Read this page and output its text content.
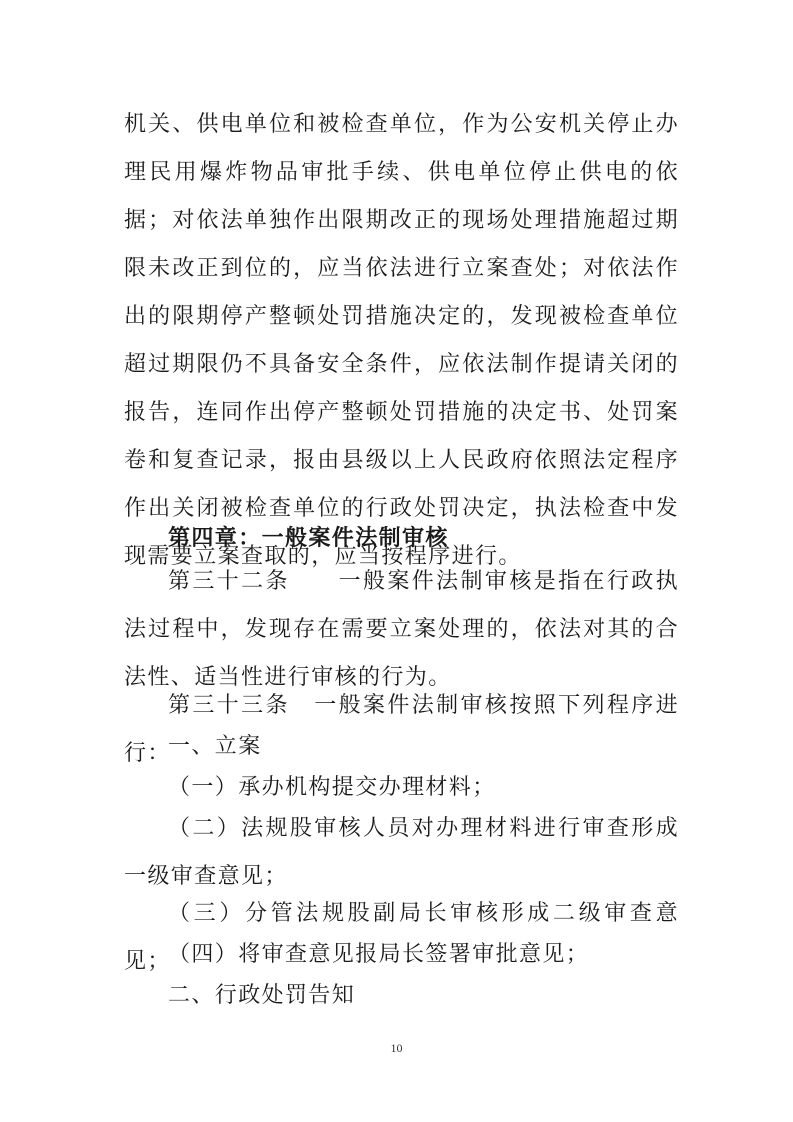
机关、供电单位和被检查单位，作为公安机关停止办理民用爆炸物品审批手续、供电单位停止供电的依据；对依法单独作出限期改正的现场处理措施超过期限未改正到位的，应当依法进行立案查处；对依法作出的限期停产整顿处罚措施决定的，发现被检查单位超过期限仍不具备安全条件，应依法制作提请关闭的报告，连同作出停产整顿处罚措施的决定书、处罚案卷和复查记录，报由县级以上人民政府依照法定程序作出关闭被检查单位的行政处罚决定，执法检查中发现需要立案查取的，应当按程序进行。

第四章：一般案件法制审核

第三十二条　　一般案件法制审核是指在行政执法过程中，发现存在需要立案处理的，依法对其的合法性、适当性进行审核的行为。

第三十三条　一般案件法制审核按照下列程序进行：

一、立案

（一）承办机构提交办理材料；

（二）法规股审核人员对办理材料进行审查形成一级审查意见；

（三）分管法规股副局长审核形成二级审查意见；

（四）将审查意见报局长签署审批意见；

二、行政处罚告知

10
